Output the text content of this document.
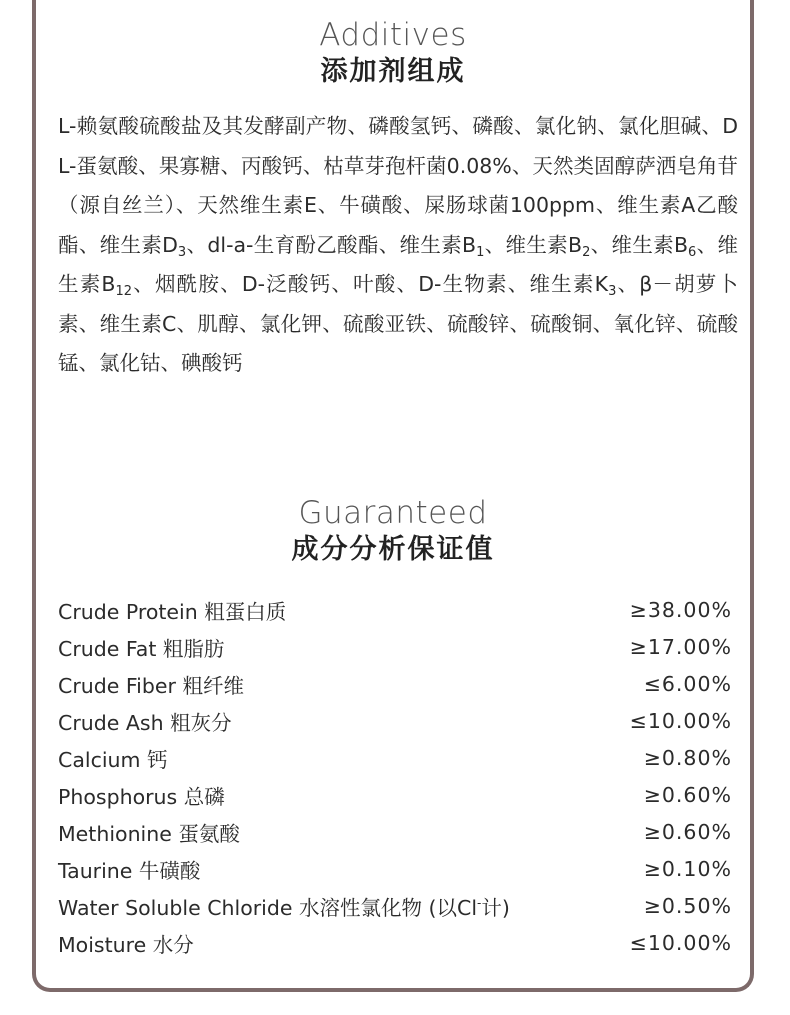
Additives
添加剂组成

L-赖氨酸硫酸盐及其发酵副产物、磷酸氢钙、磷酸、氯化钠、氯化胆碱、DL-蛋氨酸、果寡糖、丙酸钙、枯草芽孢杆菌0.08%、天然类固醇萨洒皂角苷（源自丝兰）、天然维生素E、牛磺酸、屎肠球菌100ppm、维生素A乙酸酯、维生素$D_3$、dl-a-生育酚乙酸酯、维生素$B_1$、维生素$B_2$、维生素$B_6$、维生素$B_{12}$、烟酰胺、D-泛酸钙、叶酸、D-生物素、维生素$K_3$、β－胡萝卜素、维生素C、肌醇、氯化钾、硫酸亚铁、硫酸锌、硫酸铜、氧化锌、硫酸锰、氯化钴、碘酸钙

Guaranteed
成分分析保证值
Crude Protein 粗蛋白质	≥38.00%
Crude Fat 粗脂肪	≥17.00%
Crude Fiber 粗纤维	≤6.00%
Crude Ash 粗灰分	≤10.00%
Calcium 钙	≥0.80%
Phosphorus 总磷	≥0.60%
Methionine 蛋氨酸	≥0.60%
Taurine 牛磺酸	≥0.10%
Water Soluble Chloride 水溶性氯化物 (以Cl-计)	≥0.50%
Moisture 水分	≤10.00%
